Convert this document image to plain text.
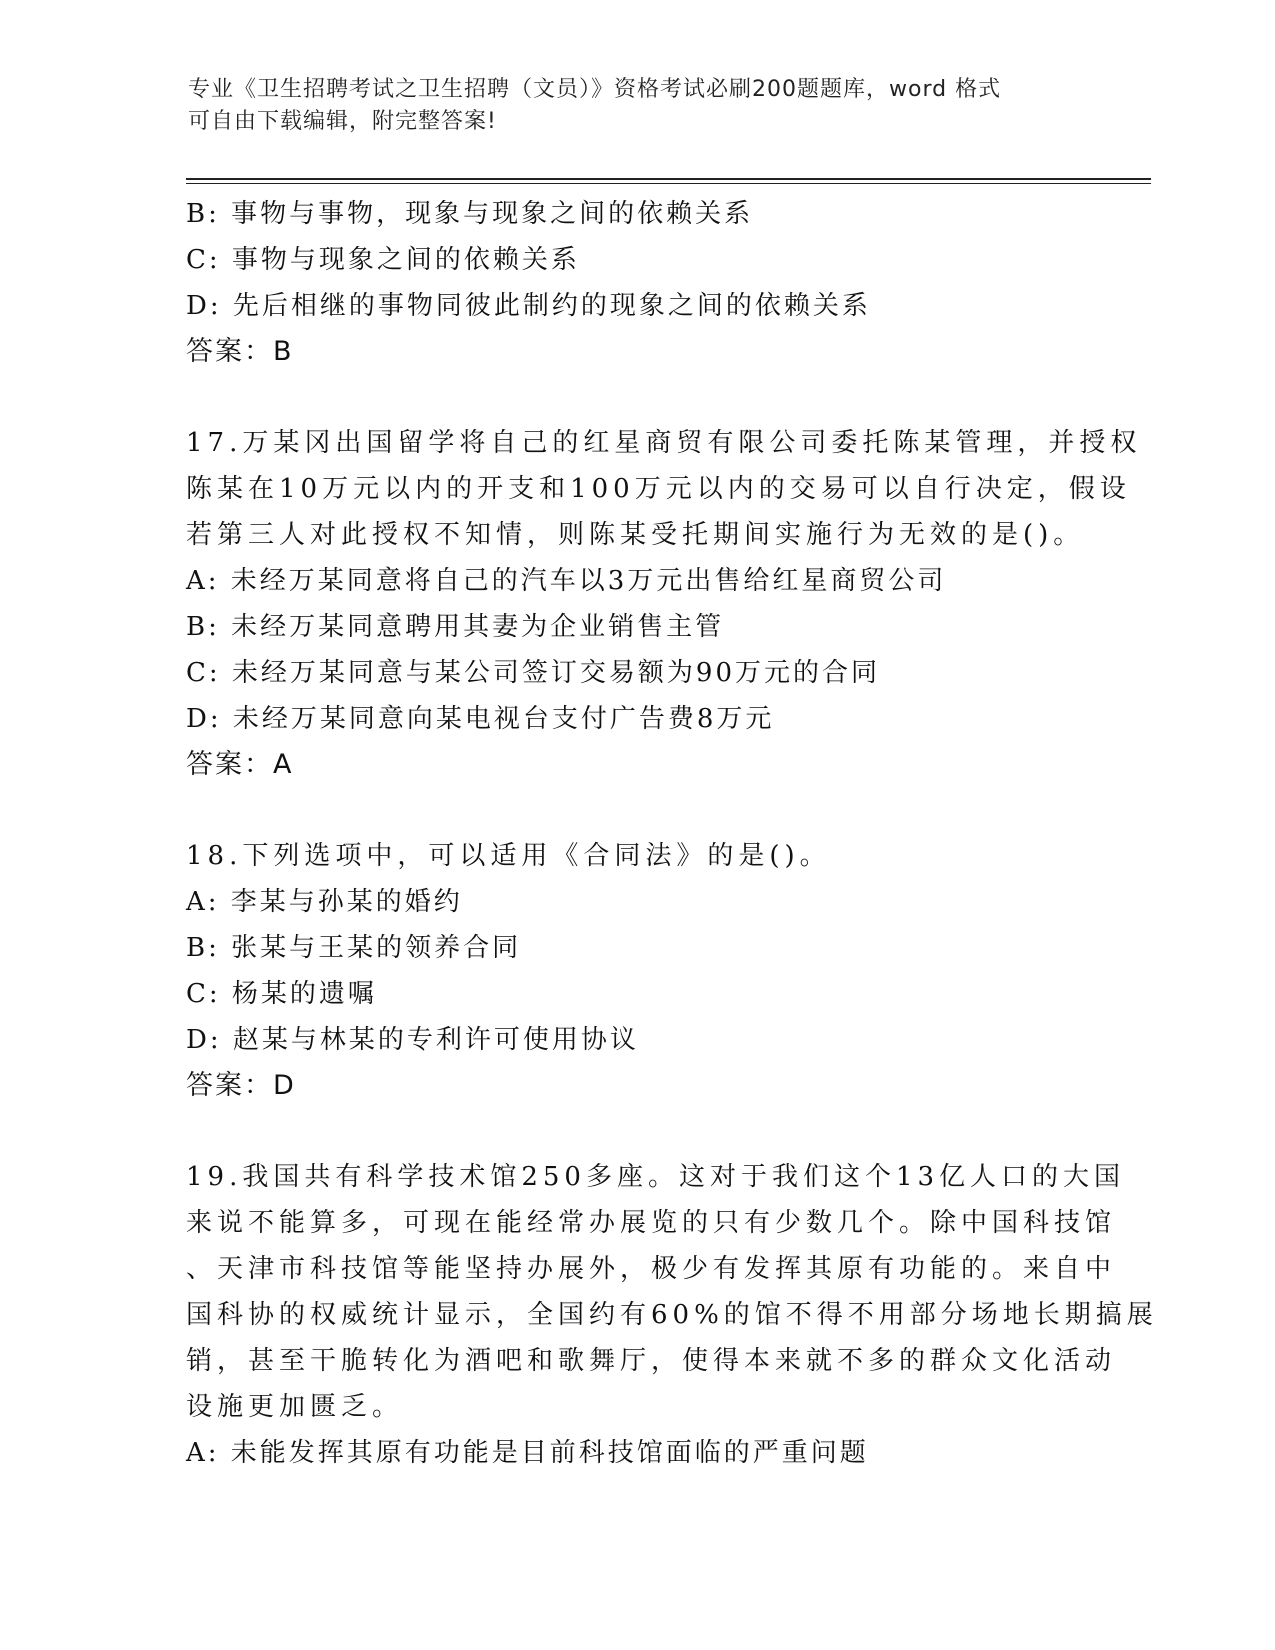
专业《卫生招聘考试之卫生招聘（文员）》资格考试必刷200题题库，word 格式
可自由下载编辑，附完整答案!
B: 事物与事物，现象与现象之间的依赖关系
C: 事物与现象之间的依赖关系
D: 先后相继的事物同彼此制约的现象之间的依赖关系
答案：B
17.万某冈出国留学将自己的红星商贸有限公司委托陈某管理，并授权
陈某在10万元以内的开支和100万元以内的交易可以自行决定，假设
若第三人对此授权不知情，则陈某受托期间实施行为无效的是()。
A: 未经万某同意将自己的汽车以3万元出售给红星商贸公司
B: 未经万某同意聘用其妻为企业销售主管
C: 未经万某同意与某公司签订交易额为90万元的合同
D: 未经万某同意向某电视台支付广告费8万元
答案：A
18.下列选项中，可以适用《合同法》的是()。
A: 李某与孙某的婚约
B: 张某与王某的领养合同
C: 杨某的遗嘱
D: 赵某与林某的专利许可使用协议
答案：D
19.我国共有科学技术馆250多座。这对于我们这个13亿人口的大国
来说不能算多，可现在能经常办展览的只有少数几个。除中国科技馆
、天津市科技馆等能坚持办展外，极少有发挥其原有功能的。来自中
国科协的权威统计显示，全国约有60%的馆不得不用部分场地长期搞展
销，甚至干脆转化为酒吧和歌舞厅，使得本来就不多的群众文化活动
设施更加匮乏。
A: 未能发挥其原有功能是目前科技馆面临的严重问题
